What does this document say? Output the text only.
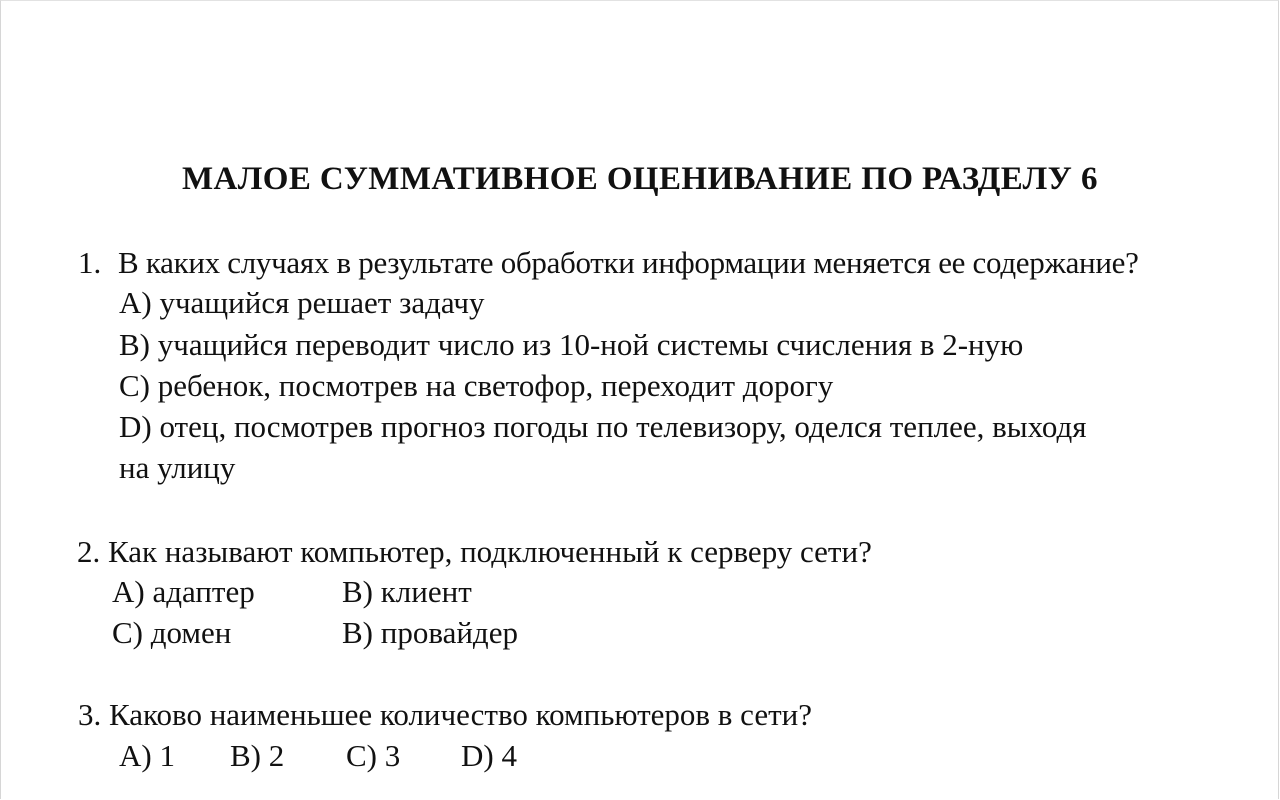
МАЛОЕ СУММАТИВНОЕ ОЦЕНИВАНИЕ ПО РАЗДЕЛУ 6
1. В каких случаях в результате обработки информации меняется ее содержание?
A) учащийся решает задачу
B) учащийся переводит число из 10-ной системы счисления в 2-ную
C) ребенок, посмотрев на светофор, переходит дорогу
D) отец, посмотрев прогноз погоды по телевизору, оделся теплее, выходя
на улицу
2. Как называют компьютер, подключенный к серверу сети?
A) адаптер	B) клиент
C) домен	B) провайдер
3. Каково наименьшее количество компьютеров в сети?
A) 1 B) 2 C) 3 D) 4
